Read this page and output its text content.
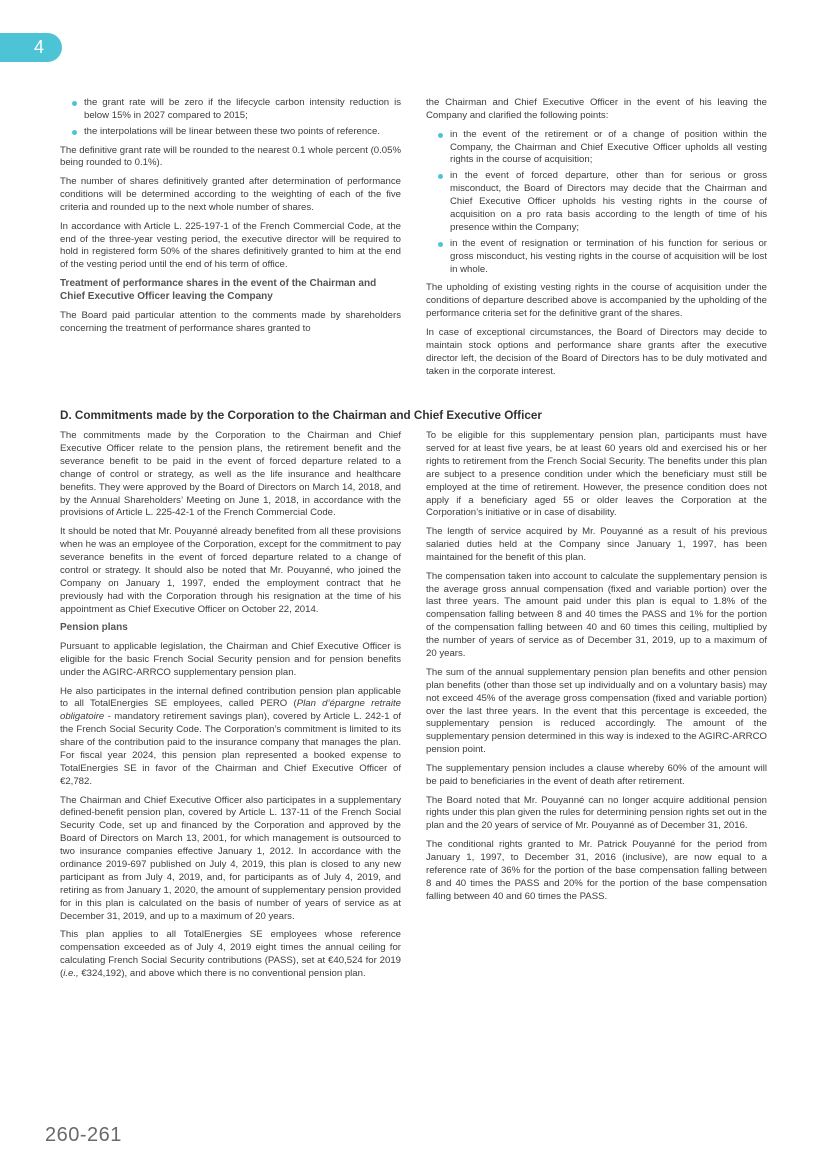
4
the grant rate will be zero if the lifecycle carbon intensity reduction is below 15% in 2027 compared to 2015;
the interpolations will be linear between these two points of reference.

The definitive grant rate will be rounded to the nearest 0.1 whole percent (0.05% being rounded to 0.1%).

The number of shares definitively granted after determination of performance conditions will be determined according to the weighting of each of the five criteria and rounded up to the next whole number of shares.

In accordance with Article L. 225-197-1 of the French Commercial Code, at the end of the three-year vesting period, the executive director will be required to hold in registered form 50% of the shares definitively granted to him at the end of the vesting period until the end of his term of office.

Treatment of performance shares in the event of the Chairman and Chief Executive Officer leaving the Company

The Board paid particular attention to the comments made by shareholders concerning the treatment of performance shares granted to

the Chairman and Chief Executive Officer in the event of his leaving the Company and clarified the following points:

in the event of the retirement or of a change of position within the Company, the Chairman and Chief Executive Officer upholds all vesting rights in the course of acquisition;
in the event of forced departure, other than for serious or gross misconduct, the Board of Directors may decide that the Chairman and Chief Executive Officer upholds his vesting rights in the course of acquisition on a pro rata basis according to the length of time of his presence within the Company;
in the event of resignation or termination of his function for serious or gross misconduct, his vesting rights in the course of acquisition will be lost in whole.

The upholding of existing vesting rights in the course of acquisition under the conditions of departure described above is accompanied by the upholding of the performance criteria set for the definitive grant of the shares.

In case of exceptional circumstances, the Board of Directors may decide to maintain stock options and performance share grants after the executive director left, the decision of the Board of Directors has to be duly motivated and taken in the corporate interest.

D. Commitments made by the Corporation to the Chairman and Chief Executive Officer

The commitments made by the Corporation to the Chairman and Chief Executive Officer relate to the pension plans, the retirement benefit and the severance benefit to be paid in the event of forced departure related to a change of control or strategy, as well as the life insurance and healthcare benefits. They were approved by the Board of Directors on March 14, 2018, and by the Annual Shareholders’ Meeting on June 1, 2018, in accordance with the provisions of Article L. 225-42-1 of the French Commercial Code.

It should be noted that Mr. Pouyanné already benefited from all these provisions when he was an employee of the Corporation, except for the commitment to pay severance benefits in the event of forced departure related to a change of control or strategy. It should also be noted that Mr. Pouyanné, who joined the Company on January 1, 1997, ended the employment contract that he previously had with the Corporation through his resignation at the time of his appointment as Chief Executive Officer on October 22, 2014.

Pension plans

Pursuant to applicable legislation, the Chairman and Chief Executive Officer is eligible for the basic French Social Security pension and for pension benefits under the AGIRC-ARRCO supplementary pension plan.

He also participates in the internal defined contribution pension plan applicable to all TotalEnergies SE employees, called PERO (Plan d’épargne retraite obligatoire - mandatory retirement savings plan), covered by Article L. 242-1 of the French Social Security Code. The Corporation’s commitment is limited to its share of the contribution paid to the insurance company that manages the plan. For fiscal year 2024, this pension plan represented a booked expense to TotalEnergies SE in favor of the Chairman and Chief Executive Officer of €2,782.

The Chairman and Chief Executive Officer also participates in a supplementary defined-benefit pension plan, covered by Article L. 137-11 of the French Social Security Code, set up and financed by the Corporation and approved by the Board of Directors on March 13, 2001, for which management is outsourced to two insurance companies effective January 1, 2012. In accordance with the ordinance 2019-697 published on July 4, 2019, this plan is closed to any new participant as from July 4, 2019, and, for participants as of July 4, 2019, and retiring as from January 1, 2020, the amount of supplementary pension provided for in this plan is calculated on the basis of number of years of service as at December 31, 2019, and up to a maximum of 20 years.

This plan applies to all TotalEnergies SE employees whose reference compensation exceeded as of July 4, 2019 eight times the annual ceiling for calculating French Social Security contributions (PASS), set at €40,524 for 2019 (i.e., €324,192), and above which there is no conventional pension plan.

To be eligible for this supplementary pension plan, participants must have served for at least five years, be at least 60 years old and exercised his or her rights to retirement from the French Social Security. The benefits under this plan are subject to a presence condition under which the beneficiary must still be employed at the time of retirement. However, the presence condition does not apply if a beneficiary aged 55 or older leaves the Corporation at the Corporation’s initiative or in case of disability.

The length of service acquired by Mr. Pouyanné as a result of his previous salaried duties held at the Company since January 1, 1997, has been maintained for the benefit of this plan.

The compensation taken into account to calculate the supplementary pension is the average gross annual compensation (fixed and variable portion) over the last three years. The amount paid under this plan is equal to 1.8% of the compensation falling between 8 and 40 times the PASS and 1% for the portion of the compensation falling between 40 and 60 times this ceiling, multiplied by the number of years of service as of December 31, 2019, up to a maximum of 20 years.

The sum of the annual supplementary pension plan benefits and other pension plan benefits (other than those set up individually and on a voluntary basis) may not exceed 45% of the average gross compensation (fixed and variable portion) over the last three years. In the event that this percentage is exceeded, the supplementary pension is reduced accordingly. The amount of the supplementary pension determined in this way is indexed to the AGIRC-ARRCO pension point.

The supplementary pension includes a clause whereby 60% of the amount will be paid to beneficiaries in the event of death after retirement.

The Board noted that Mr. Pouyanné can no longer acquire additional pension rights under this plan given the rules for determining pension rights set out in the plan and the 20 years of service of Mr. Pouyanné as of December 31, 2016.

The conditional rights granted to Mr. Patrick Pouyanné for the period from January 1, 1997, to December 31, 2016 (inclusive), are now equal to a reference rate of 36% for the portion of the base compensation falling between 8 and 40 times the PASS and 20% for the portion of the base compensation falling between 40 and 60 times the PASS.

260-261
